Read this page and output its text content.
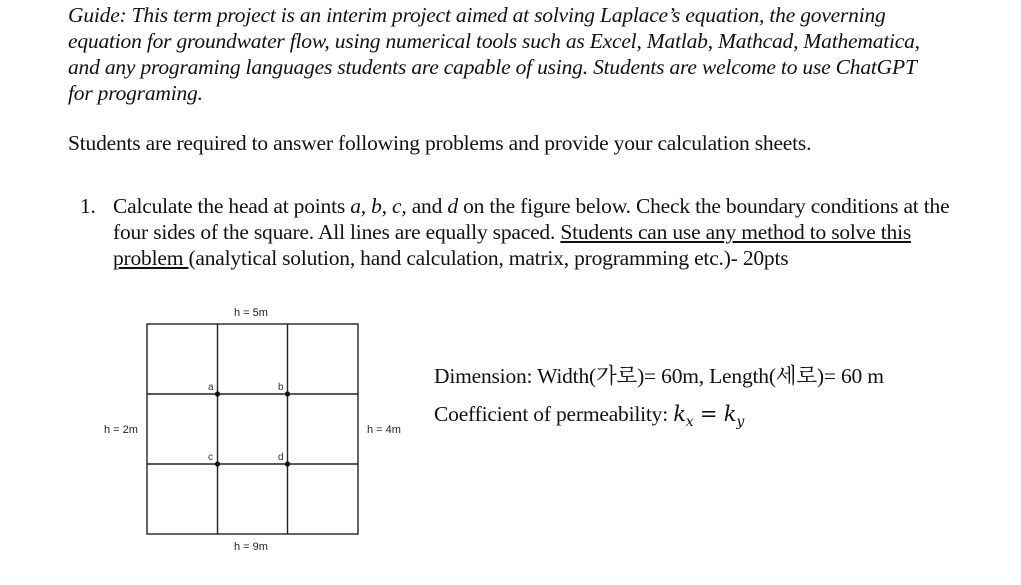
Guide: This term project is an interim project aimed at solving Laplace’s equation, the governing
equation for groundwater flow, using numerical tools such as Excel, Matlab, Mathcad, Mathematica,
and any programing languages students are capable of using. Students are welcome to use ChatGPT
for programing.
Students are required to answer following problems and provide your calculation sheets.
1. Calculate the head at points a, b, c, and d on the figure below. Check the boundary conditions at the four sides of the square. All lines are equally spaced. Students can use any method to solve this problem (analytical solution, hand calculation, matrix, programming etc.)- 20pts
a	b
c	d
h = 5m
h = 9m
h = 2m	h = 4m
Dimension: Width(가로)= 60m, Length(세로)= 60 m
Coefficient of permeability: $k_x = k_y$
